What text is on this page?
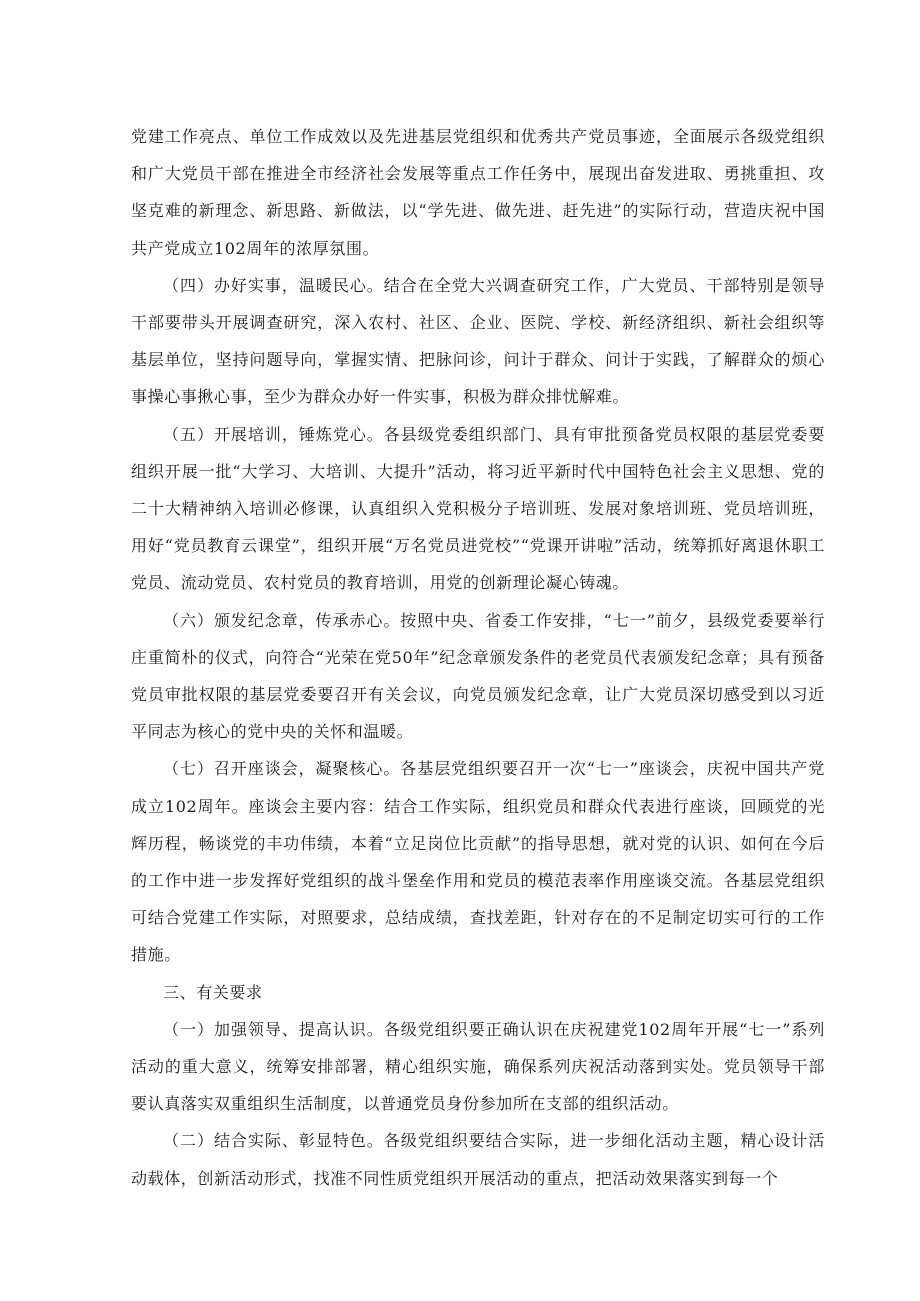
党建工作亮点、单位工作成效以及先进基层党组织和优秀共产党员事迹，全面展示各级党组织和广大党员干部在推进全市经济社会发展等重点工作任务中，展现出奋发进取、勇挑重担、攻坚克难的新理念、新思路、新做法，以“学先进、做先进、赶先进”的实际行动，营造庆祝中国共产党成立102周年的浓厚氛围。

（四）办好实事，温暖民心。结合在全党大兴调查研究工作，广大党员、干部特别是领导干部要带头开展调查研究，深入农村、社区、企业、医院、学校、新经济组织、新社会组织等基层单位，坚持问题导向，掌握实情、把脉问诊，问计于群众、问计于实践，了解群众的烦心事操心事揪心事，至少为群众办好一件实事，积极为群众排忧解难。

（五）开展培训，锤炼党心。各县级党委组织部门、具有审批预备党员权限的基层党委要组织开展一批“大学习、大培训、大提升”活动，将习近平新时代中国特色社会主义思想、党的二十大精神纳入培训必修课，认真组织入党积极分子培训班、发展对象培训班、党员培训班，用好“党员教育云课堂”，组织开展“万名党员进党校”“党课开讲啦”活动，统筹抓好离退休职工党员、流动党员、农村党员的教育培训，用党的创新理论凝心铸魂。

（六）颁发纪念章，传承赤心。按照中央、省委工作安排，“七一”前夕，县级党委要举行庄重简朴的仪式，向符合“光荣在党50年”纪念章颁发条件的老党员代表颁发纪念章；具有预备党员审批权限的基层党委要召开有关会议，向党员颁发纪念章，让广大党员深切感受到以习近平同志为核心的党中央的关怀和温暖。

（七）召开座谈会，凝聚核心。各基层党组织要召开一次“七一”座谈会，庆祝中国共产党成立102周年。座谈会主要内容：结合工作实际，组织党员和群众代表进行座谈，回顾党的光辉历程，畅谈党的丰功伟绩，本着“立足岗位比贡献”的指导思想，就对党的认识、如何在今后的工作中进一步发挥好党组织的战斗堡垒作用和党员的模范表率作用座谈交流。各基层党组织可结合党建工作实际，对照要求，总结成绩，查找差距，针对存在的不足制定切实可行的工作措施。

三、有关要求

（一）加强领导、提高认识。各级党组织要正确认识在庆祝建党102周年开展“七一”系列活动的重大意义，统筹安排部署，精心组织实施，确保系列庆祝活动落到实处。党员领导干部要认真落实双重组织生活制度，以普通党员身份参加所在支部的组织活动。

（二）结合实际、彰显特色。各级党组织要结合实际，进一步细化活动主题，精心设计活动载体，创新活动形式，找准不同性质党组织开展活动的重点，把活动效果落实到每一个
